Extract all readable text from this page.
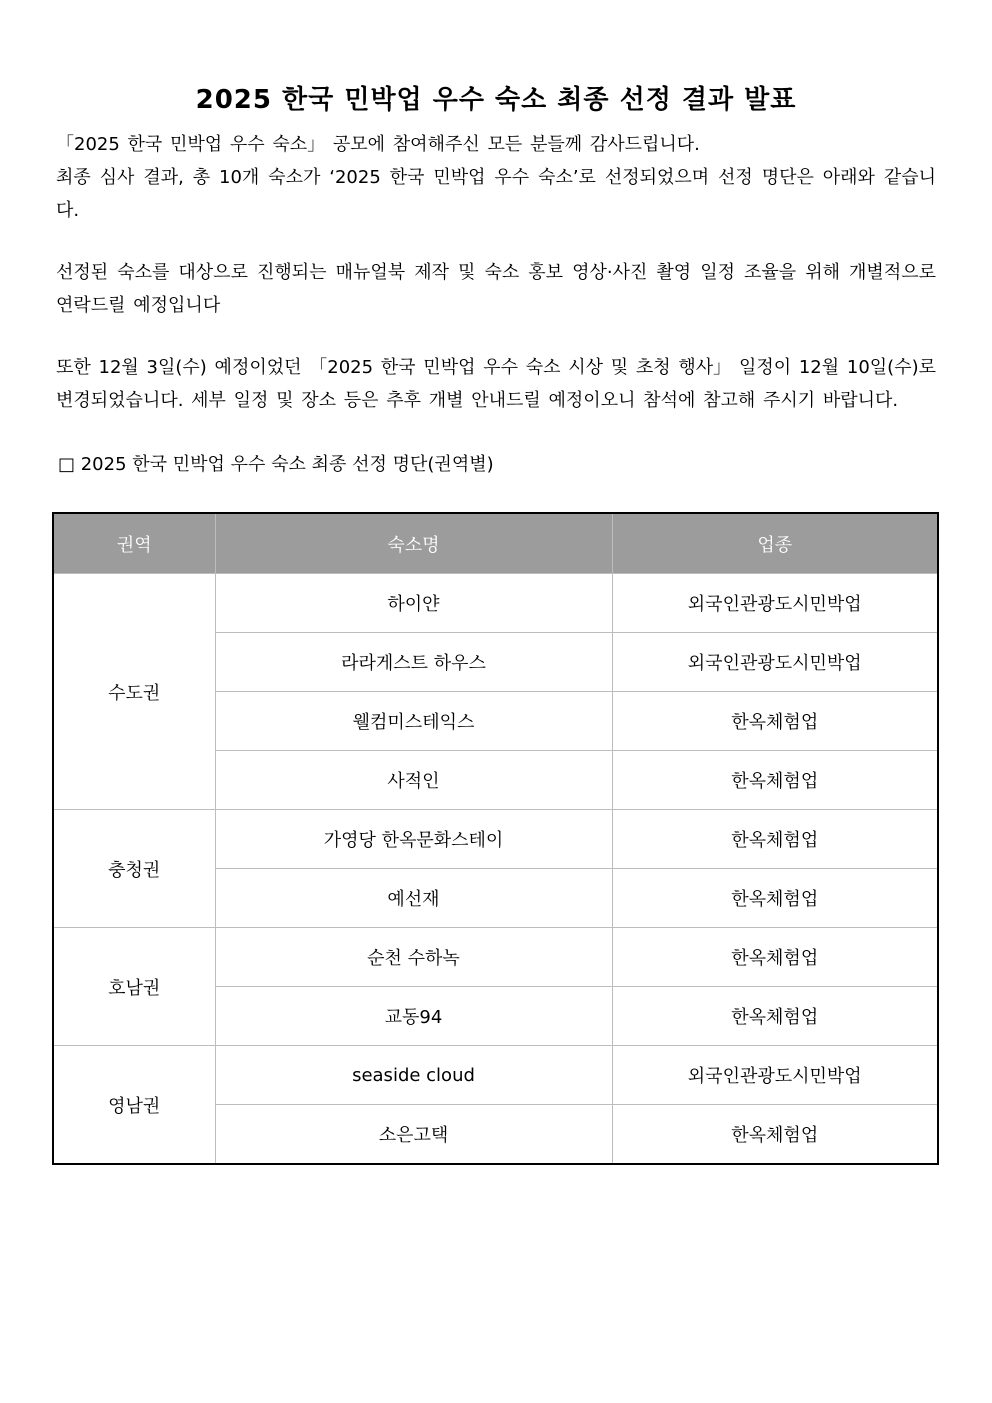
2025 한국 민박업 우수 숙소 최종 선정 결과 발표

「2025 한국 민박업 우수 숙소」 공모에 참여해주신 모든 분들께 감사드립니다.

최종 심사 결과, 총 10개 숙소가 ‘2025 한국 민박업 우수 숙소’로 선정되었으며 선정 명단은 아래와 같습니다.

선정된 숙소를 대상으로 진행되는 매뉴얼북 제작 및 숙소 홍보 영상·사진 촬영 일정 조율을 위해 개별적으로 연락드릴 예정입니다

또한 12월 3일(수) 예정이었던 「2025 한국 민박업 우수 숙소 시상 및 초청 행사」 일정이 12월 10일(수)로 변경되었습니다. 세부 일정 및 장소 등은 추후 개별 안내드릴 예정이오니 참석에 참고해 주시기 바랍니다.

□ 2025 한국 민박업 우수 숙소 최종 선정 명단(권역별)
권역	숙소명	업종
수도권	하이얀	외국인관광도시민박업
	라라게스트 하우스	외국인관광도시민박업
	웰컴미스테익스	한옥체험업
	사적인	한옥체험업
충청권	가영당 한옥문화스테이	한옥체험업
	예선재	한옥체험업
호남권	순천 수하녹	한옥체험업
	교동94	한옥체험업
영남권	seaside cloud	외국인관광도시민박업
	소은고택	한옥체험업
